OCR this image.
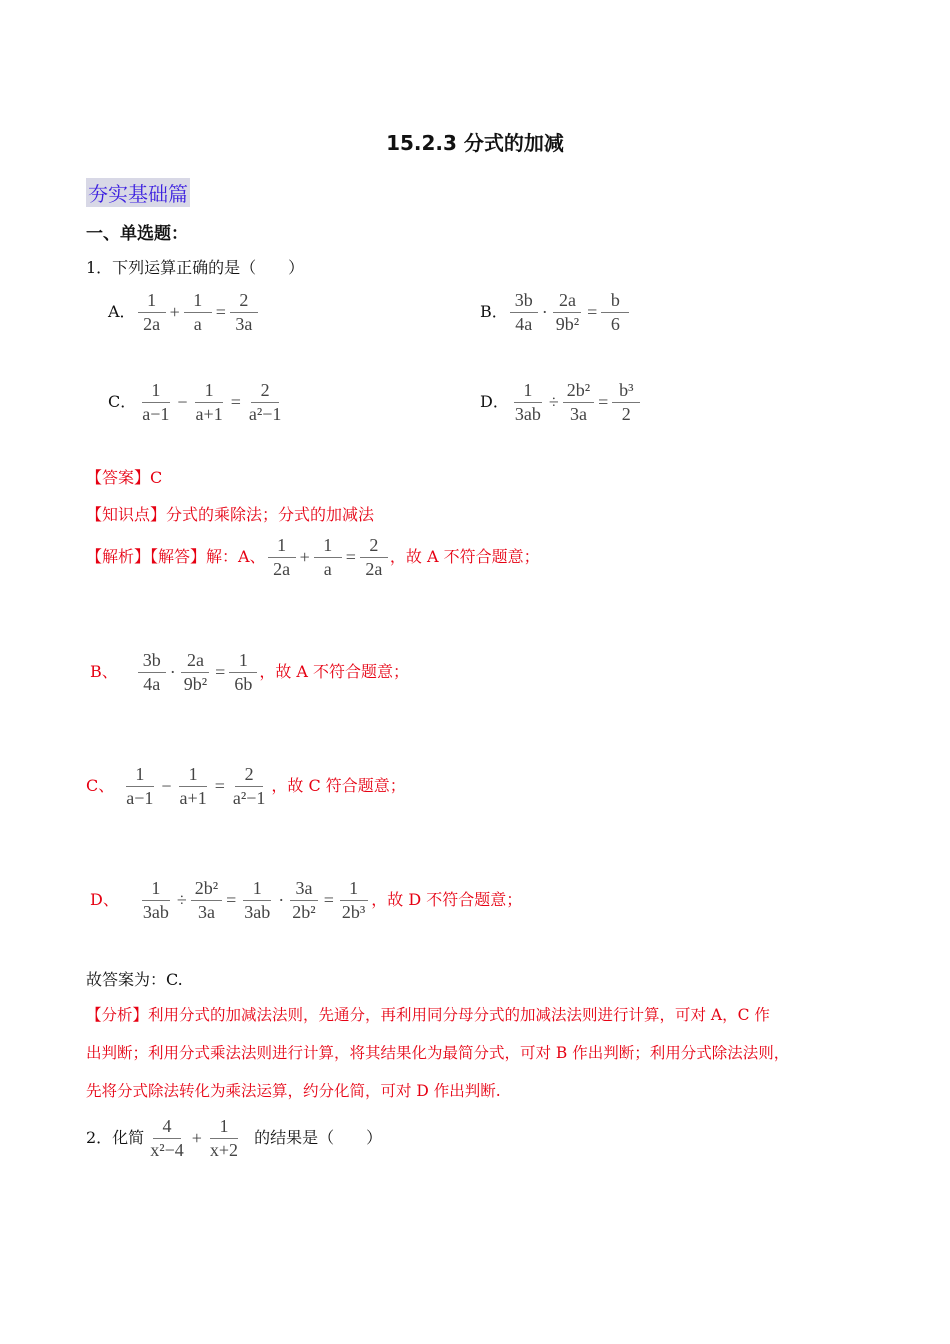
15.2.3 分式的加减
夯实基础篇
一、单选题：
1．下列运算正确的是（　　）
A． $\frac{1}{2a} + \frac{1}{a} = \frac{2}{3a}$	B． $\frac{3b}{4a} \cdot \frac{2a}{\text{9b²}} = \frac{b}{6}$
C． $\frac{1}{a-1} - \frac{1}{a+1} = \frac{2}{\text{a²−1}}$	D． $\frac{1}{3ab} \div \frac{\text{2b²}}{3a} = \frac{\text{b³}}{2}$
【答案】C
【知识点】分式的乘除法；分式的加减法
【解析】【解答】解：A、 $\frac{1}{2a} + \frac{1}{a} = \frac{2}{2a}$ ，故 A 不符合题意；
B、 $\frac{3b}{4a} \cdot \frac{2a}{\text{9b²}} = \frac{1}{6b}$ ，故 A 不符合题意；
C、 $\frac{1}{a-1} - \frac{1}{a+1} = \frac{2}{\text{a²−1}}$ ，故 C 符合题意；
D、 $\frac{1}{3ab} \div \frac{\text{2b²}}{3a} = \frac{1}{3ab} \cdot \frac{3a}{\text{2b²}} = \frac{1}{\text{2b³}}$ ，故 D 不符合题意；
故答案为：C.
【分析】利用分式的加减法法则，先通分，再利用同分母分式的加减法法则进行计算，可对 A，C 作
出判断；利用分式乘法法则进行计算，将其结果化为最简分式，可对 B 作出判断；利用分式除法法则，
先将分式除法转化为乘法运算，约分化简，可对 D 作出判断.
2．化简 $\frac{4}{\text{x²−4}} + \frac{1}{x+2}$ 的结果是（　　）
